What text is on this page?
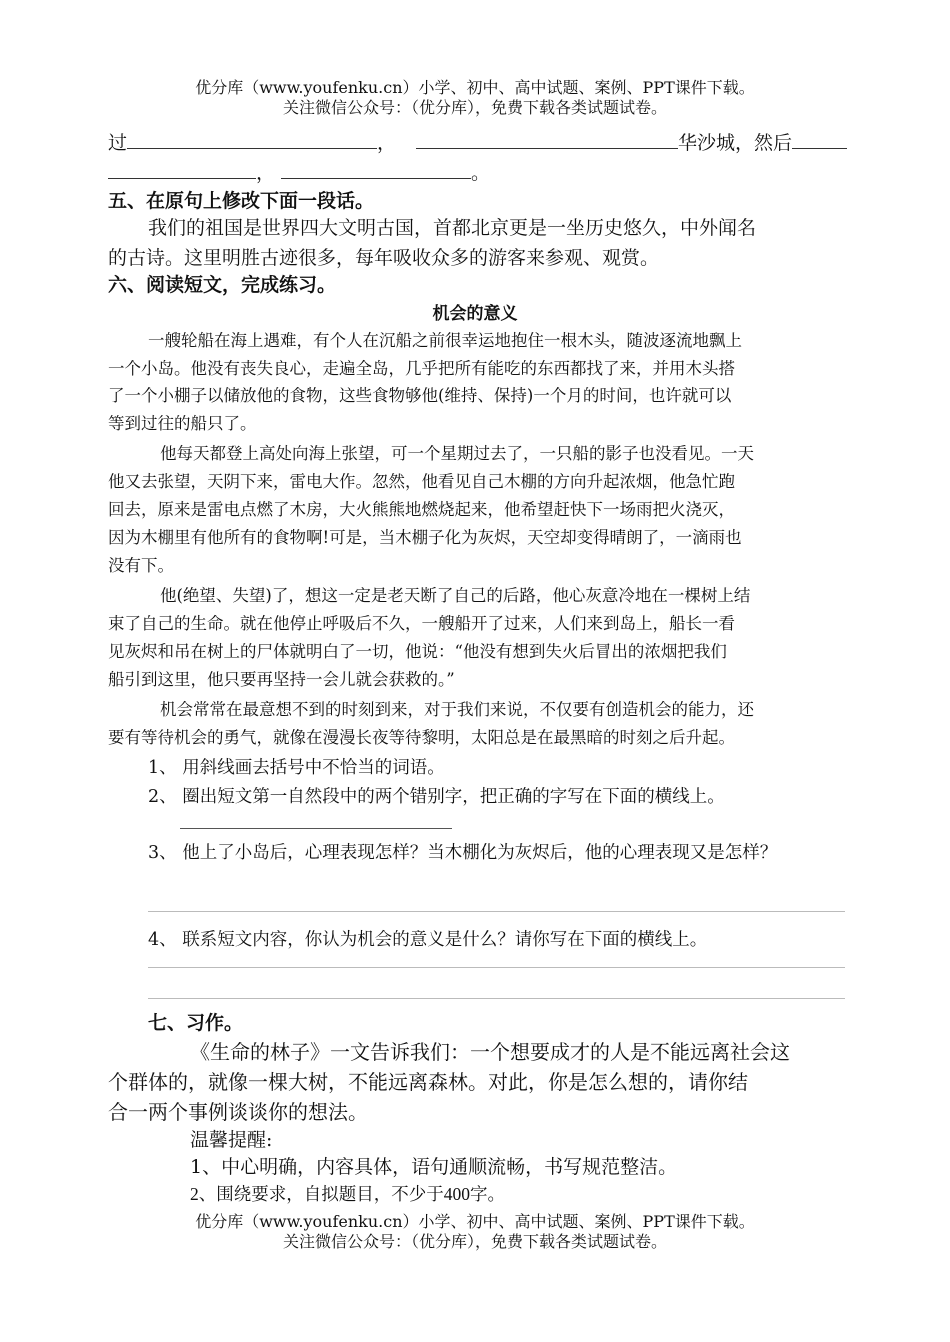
优分库（www.youfenku.cn）小学、初中、高中试题、案例、PPT课件下载。
关注微信公众号：（优分库），免费下载各类试题试卷。
过	，	华沙城，然后
，	。
五、在原句上修改下面一段话。
我们的祖国是世界四大文明古国，首都北京更是一坐历史悠久，中外闻名
的古诗。这里明胜古迹很多，每年吸收众多的游客来参观、观赏。
六、阅读短文，完成练习。
机会的意义
一艘轮船在海上遇难，有个人在沉船之前很幸运地抱住一根木头，随波逐流地飘上
一个小岛。他没有丧失良心，走遍全岛，几乎把所有能吃的东西都找了来，并用木头搭
了一个小棚子以储放他的食物，这些食物够他(维持、保持)一个月的时间，也许就可以
等到过往的船只了。
他每天都登上高处向海上张望，可一个星期过去了，一只船的影子也没看见。一天
他又去张望，天阴下来，雷电大作。忽然，他看见自己木棚的方向升起浓烟，他急忙跑
回去，原来是雷电点燃了木房，大火熊熊地燃烧起来，他希望赶快下一场雨把火浇灭，
因为木棚里有他所有的食物啊!可是，当木棚子化为灰烬，天空却变得晴朗了，一滴雨也
没有下。
他(绝望、失望)了，想这一定是老天断了自己的后路，他心灰意冷地在一棵树上结
束了自己的生命。就在他停止呼吸后不久，一艘船开了过来，人们来到岛上，船长一看
见灰烬和吊在树上的尸体就明白了一切，他说：“他没有想到失火后冒出的浓烟把我们
船引到这里，他只要再坚持一会儿就会获救的。”
机会常常在最意想不到的时刻到来，对于我们来说，不仅要有创造机会的能力，还
要有等待机会的勇气，就像在漫漫长夜等待黎明，太阳总是在最黑暗的时刻之后升起。
1、 用斜线画去括号中不恰当的词语。
2、 圈出短文第一自然段中的两个错别字，把正确的字写在下面的横线上。
3、 他上了小岛后，心理表现怎样？当木棚化为灰烬后，他的心理表现又是怎样？
4、 联系短文内容，你认为机会的意义是什么？请你写在下面的横线上。
七、习作。
《生命的林子》一文告诉我们：一个想要成才的人是不能远离社会这
个群体的，就像一棵大树，不能远离森林。对此，你是怎么想的，请你结
合一两个事例谈谈你的想法。
温馨提醒:
1、中心明确，内容具体，语句通顺流畅，书写规范整洁。
2、围绕要求，自拟题目，不少于400字。
优分库（www.youfenku.cn）小学、初中、高中试题、案例、PPT课件下载。
关注微信公众号：（优分库），免费下载各类试题试卷。
